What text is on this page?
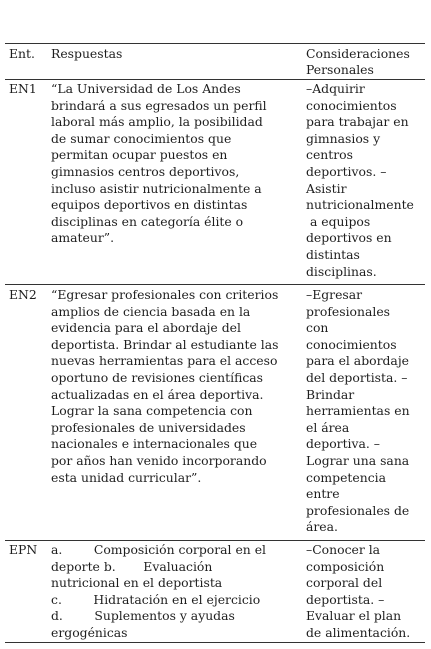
Ent. Respuestas	Consideraciones
Personales
EN1 “La Universidad de Los Andes
brindará a sus egresados un perfil
laboral más amplio, la posibilidad
de sumar conocimientos que
permitan ocupar puestos en
gimnasios centros deportivos,
incluso asistir nutricionalmente a
equipos deportivos en distintas
disciplinas en categoría élite o
amateur”.
–Adquirir
conocimientos
para trabajar en
gimnasios y
centros
deportivos. –
Asistir
nutricionalmente
a equipos
deportivos en
distintas
disciplinas.
EN2 “Egresar profesionales con criterios
amplios de ciencia basada en la
evidencia para el abordaje del
deportista. Brindar al estudiante las
nuevas herramientas para el acceso
oportuno de revisiones científicas
actualizadas en el área deportiva.
Lograr la sana competencia con
profesionales de universidades
nacionales e internacionales que
por años han venido incorporando
esta unidad curricular”.
–Egresar
profesionales
con
conocimientos
para el abordaje
del deportista. –
Brindar
herramientas en
el área
deportiva. –
Lograr una sana
competencia
entre
profesionales de
área.
EPN a.        Composición corporal en el
deporte b.       Evaluación
nutricional en el deportista
c.        Hidratación en el ejercicio
d.        Suplementos y ayudas
ergogénicas
–Conocer la
composición
corporal del
deportista. –
Evaluar el plan
de alimentación.
